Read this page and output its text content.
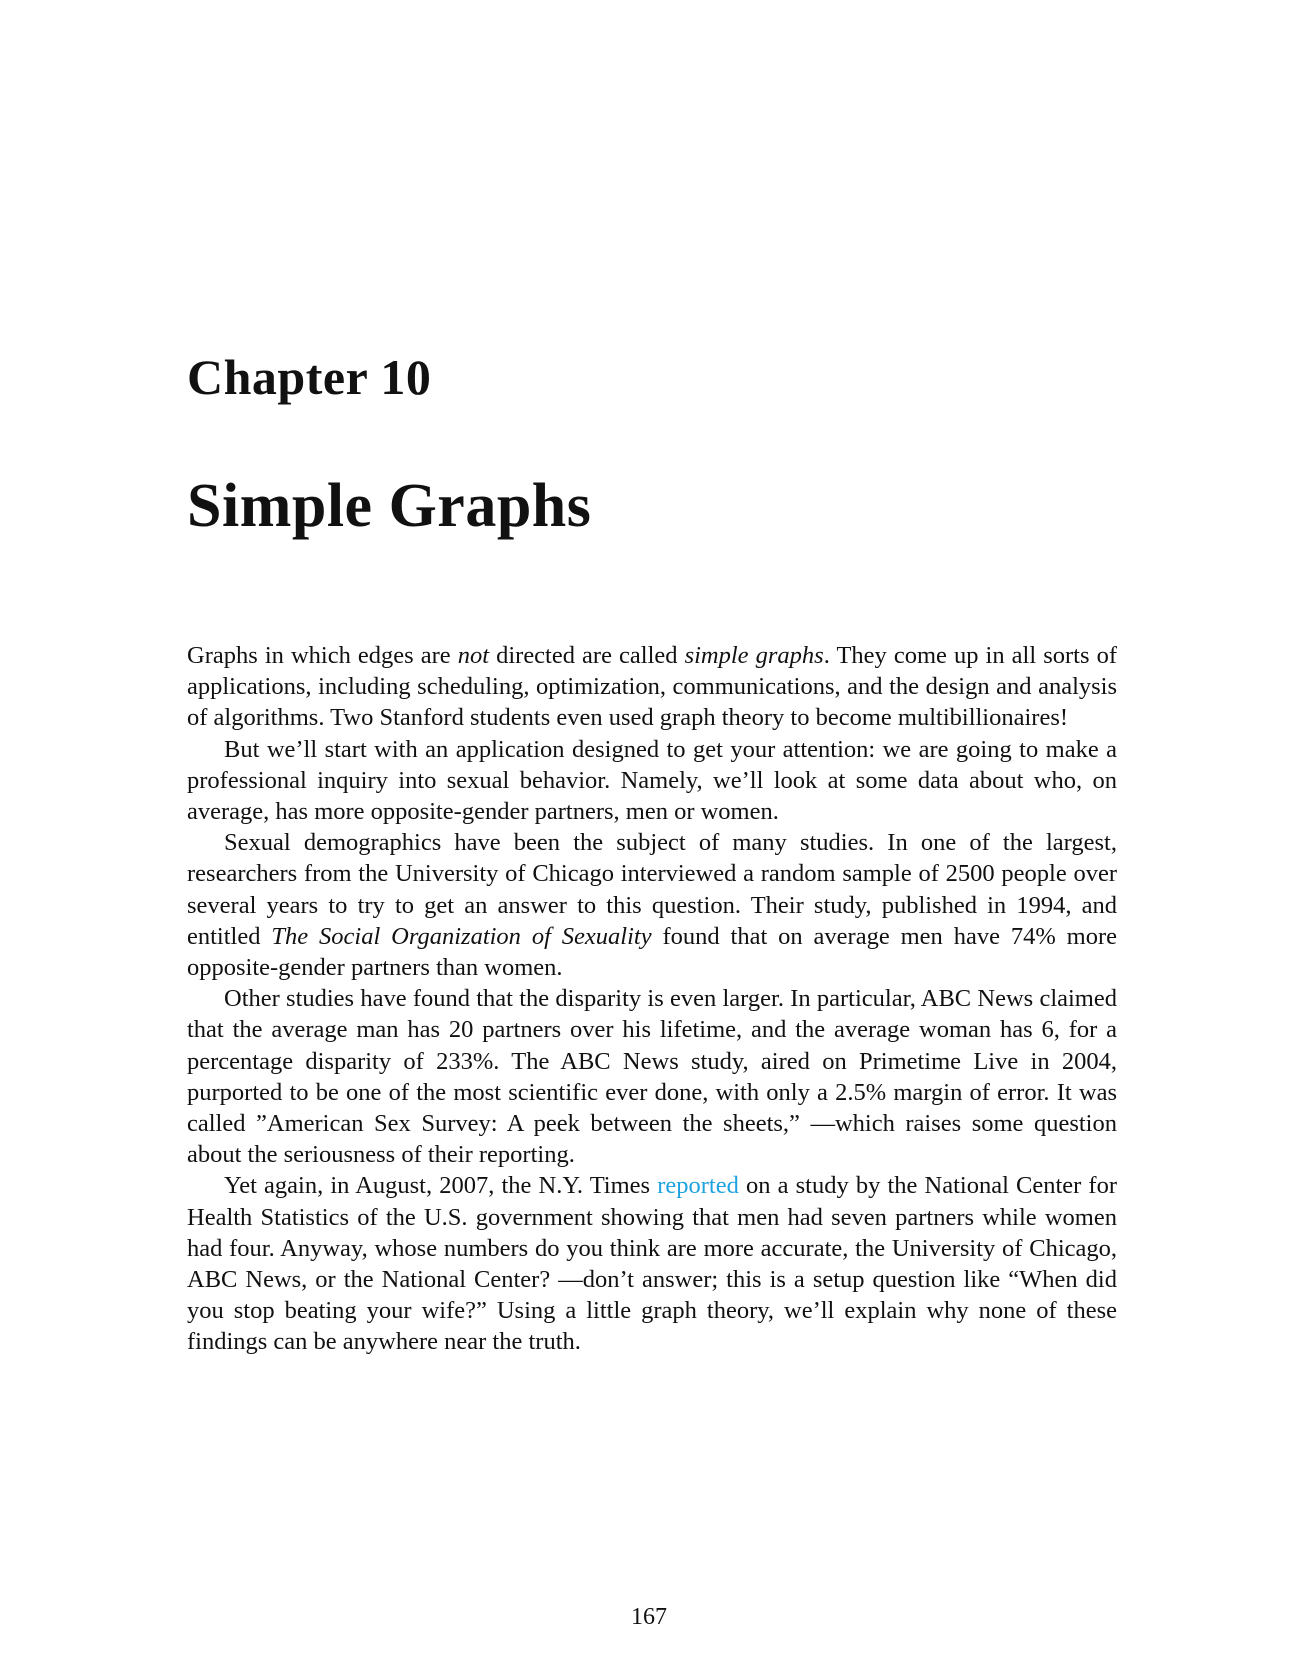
Chapter 10
Simple Graphs

Graphs in which edges are not directed are called simple graphs. They come up in all sorts of applications, including scheduling, optimization, communications, and the design and analysis of algorithms. Two Stanford students even used graph theory to become multibillionaires!

But we’ll start with an application designed to get your attention: we are going to make a professional inquiry into sexual behavior. Namely, we’ll look at some data about who, on average, has more opposite-gender partners, men or women.

Sexual demographics have been the subject of many studies. In one of the largest, researchers from the University of Chicago interviewed a random sample of 2500 people over several years to try to get an answer to this question. Their study, published in 1994, and entitled The Social Organization of Sexuality found that on average men have 74% more opposite-gender partners than women.

Other studies have found that the disparity is even larger. In particular, ABC News claimed that the average man has 20 partners over his lifetime, and the average woman has 6, for a percentage disparity of 233%. The ABC News study, aired on Primetime Live in 2004, purported to be one of the most scientific ever done, with only a 2.5% margin of error. It was called ”American Sex Survey: A peek between the sheets,” —which raises some question about the seriousness of their reporting.

Yet again, in August, 2007, the N.Y. Times reported on a study by the National Center for Health Statistics of the U.S. government showing that men had seven partners while women had four. Anyway, whose numbers do you think are more accurate, the University of Chicago, ABC News, or the National Center? —don’t answer; this is a setup question like “When did you stop beating your wife?” Using a little graph theory, we’ll explain why none of these findings can be anywhere near the truth.

167
